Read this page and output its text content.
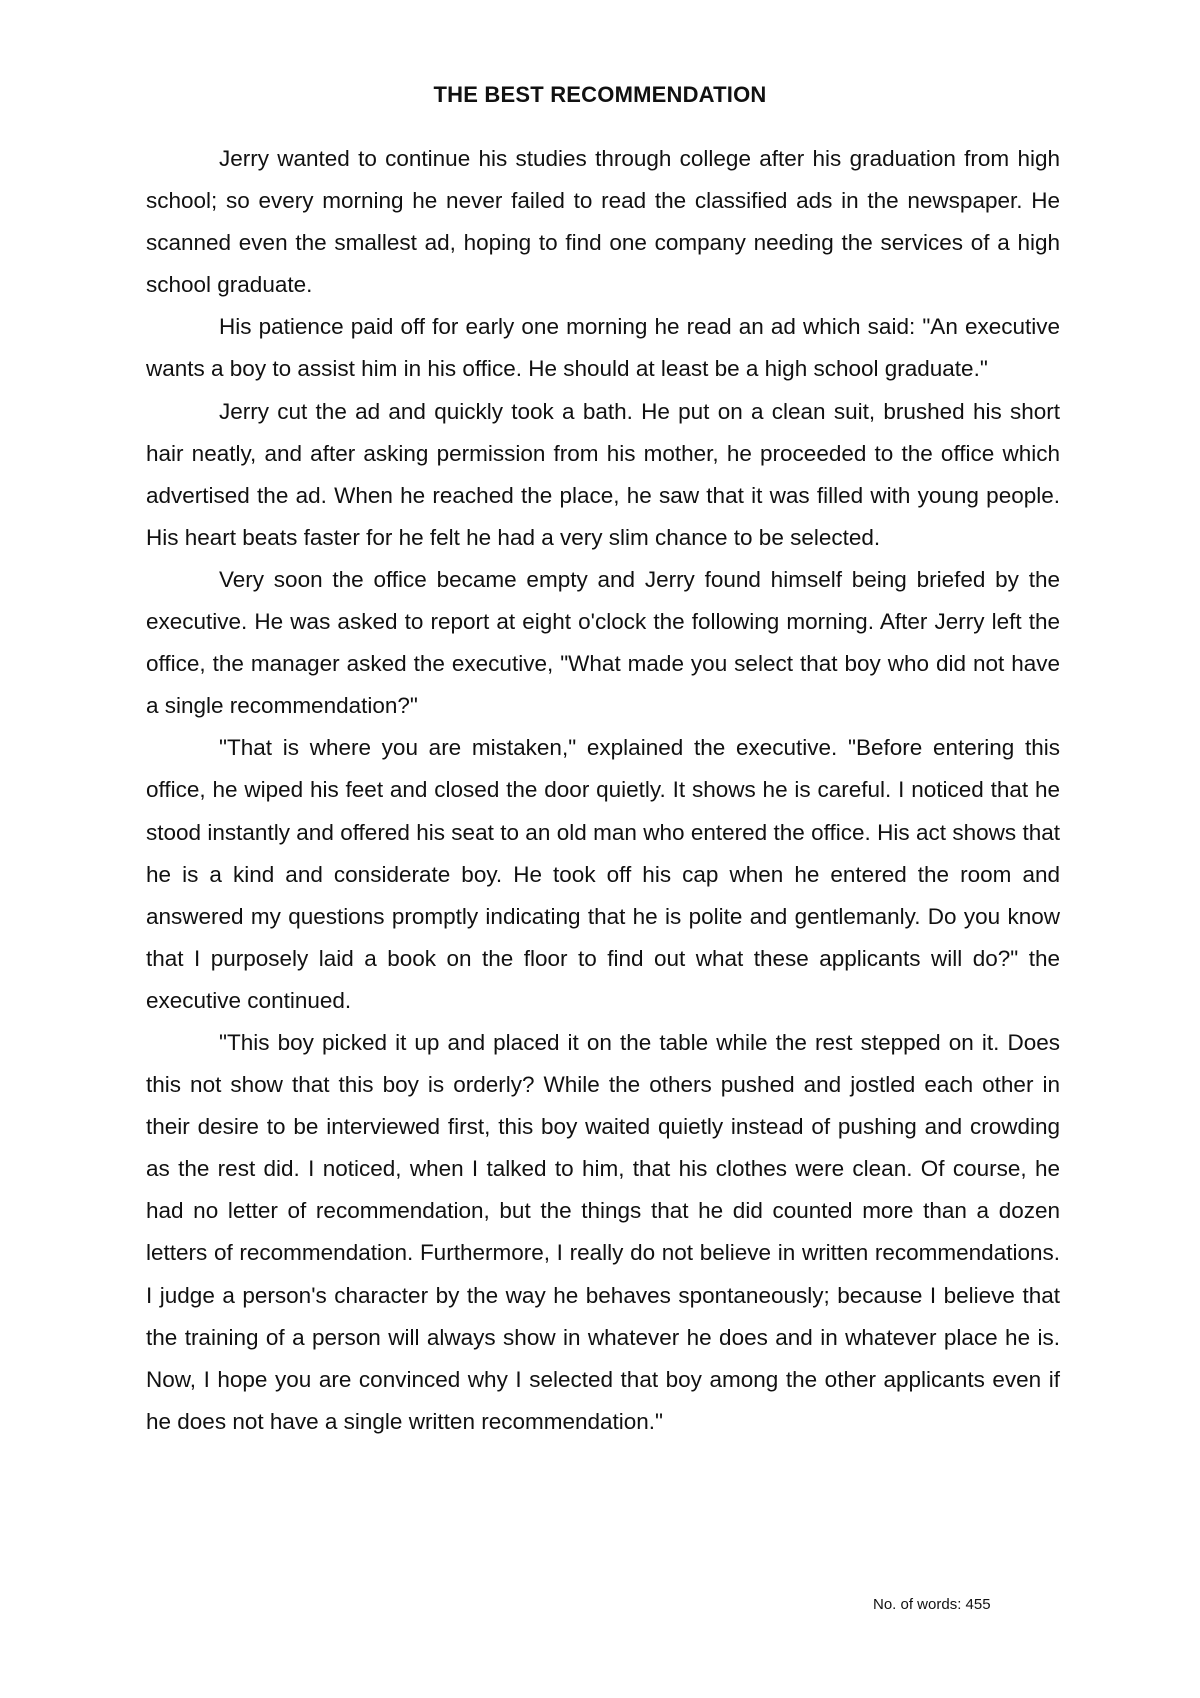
THE BEST RECOMMENDATION

Jerry wanted to continue his studies through college after his graduation from high school; so every morning he never failed to read the classified ads in the newspaper. He scanned even the smallest ad, hoping to find one company needing the services of a high school graduate.

His patience paid off for early one morning he read an ad which said: "An executive wants a boy to assist him in his office. He should at least be a high school graduate."

Jerry cut the ad and quickly took a bath. He put on a clean suit, brushed his short hair neatly, and after asking permission from his mother, he proceeded to the office which advertised the ad. When he reached the place, he saw that it was filled with young people. His heart beats faster for he felt he had a very slim chance to be selected.

Very soon the office became empty and Jerry found himself being briefed by the executive. He was asked to report at eight o'clock the following morning. After Jerry left the office, the manager asked the executive, "What made you select that boy who did not have a single recommendation?"

"That is where you are mistaken," explained the executive. "Before entering this office, he wiped his feet and closed the door quietly. It shows he is careful. I noticed that he stood instantly and offered his seat to an old man who entered the office. His act shows that he is a kind and considerate boy. He took off his cap when he entered the room and answered my questions promptly indicating that he is polite and gentlemanly. Do you know that I purposely laid a book on the floor to find out what these applicants will do?" the executive continued.

"This boy picked it up and placed it on the table while the rest stepped on it. Does this not show that this boy is orderly? While the others pushed and jostled each other in their desire to be interviewed first, this boy waited quietly instead of pushing and crowding as the rest did. I noticed, when I talked to him, that his clothes were clean. Of course, he had no letter of recommendation, but the things that he did counted more than a dozen letters of recommendation. Furthermore, I really do not believe in written recommendations. I judge a person's character by the way he behaves spontaneously; because I believe that the training of a person will always show in whatever he does and in whatever place he is. Now, I hope you are convinced why I selected that boy among the other applicants even if he does not have a single written recommendation."

No. of words: 455
